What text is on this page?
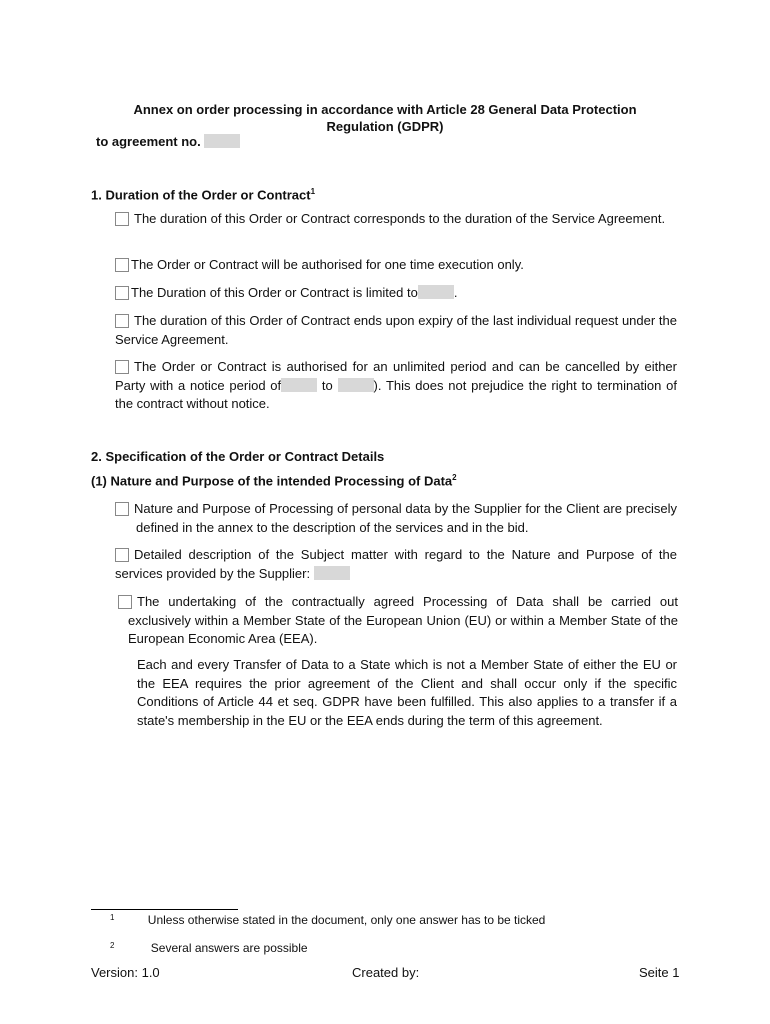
Annex on order processing in accordance with Article 28 General Data Protection
Regulation (GDPR)
to agreement no.
1. Duration of the Order or Contract$^1$
The duration of this Order or Contract corresponds to the duration of the Service Agreement.
The Order or Contract will be authorised for one time execution only.
The Duration of this Order or Contract is limited to	.
The duration of this Order of Contract ends upon expiry of the last individual request under the Service Agreement.
The Order or Contract is authorised for an unlimited period and can be cancelled by either Party with a notice period of	to	). This does not prejudice the right to termination of the contract without notice.
2. Specification of the Order or Contract Details
(1) Nature and Purpose of the intended Processing of Data$^2$
Nature and Purpose of Processing of personal data by the Supplier for the Client are precisely defined in the annex to the description of the services and in the bid.
Detailed description of the Subject matter with regard to the Nature and Purpose of the services provided by the Supplier:
The undertaking of the contractually agreed Processing of Data shall be carried out exclusively within a Member State of the European Union (EU) or within a Member State of the European Economic Area (EEA).
Each and every Transfer of Data to a State which is not a Member State of either the EU or the EEA requires the prior agreement of the Client and shall occur only if the specific Conditions of Article 44 et seq. GDPR have been fulfilled. This also applies to a transfer if a state's membership in the EU or the EEA ends during the term of this agreement.
$^1$	Unless otherwise stated in the document, only one answer has to be ticked
$^2$	Several answers are possible
Version: 1.0	Created by:	Seite 1
